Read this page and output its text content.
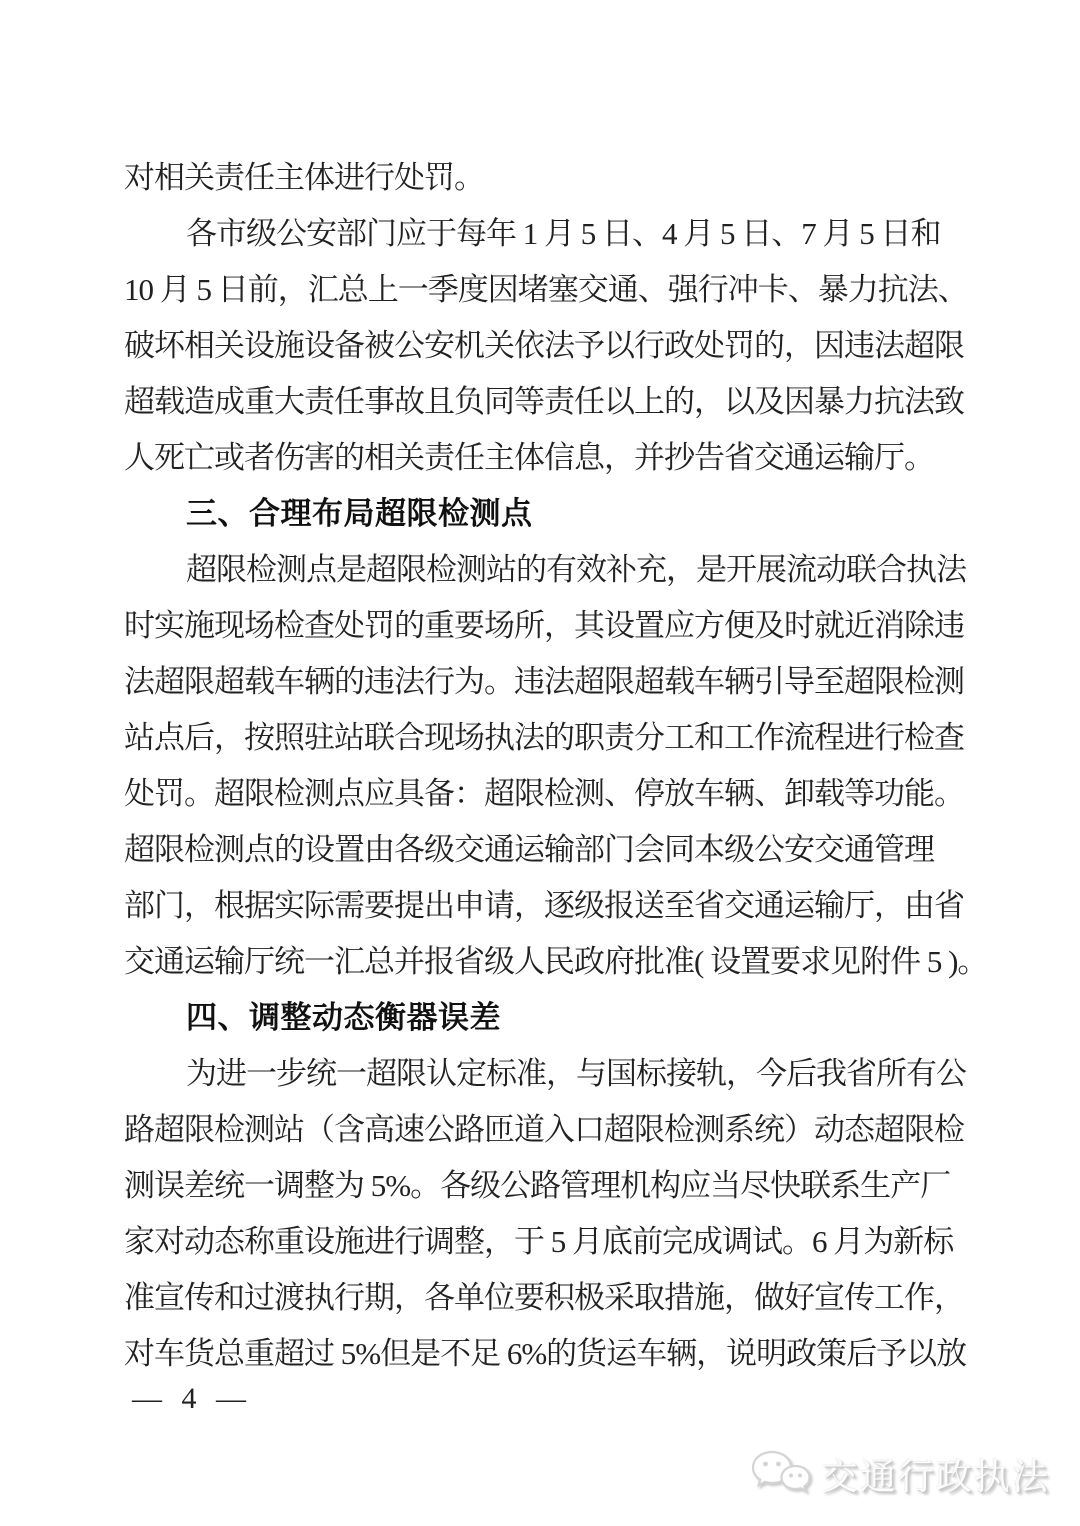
对相关责任主体进行处罚。
各市级公安部门应于每年 1 月 5 日、4 月 5 日、7 月 5 日和
10 月 5 日前，汇总上一季度因堵塞交通、强行冲卡、暴力抗法、
破坏相关设施设备被公安机关依法予以行政处罚的，因违法超限
超载造成重大责任事故且负同等责任以上的，以及因暴力抗法致
人死亡或者伤害的相关责任主体信息，并抄告省交通运输厅。
三、合理布局超限检测点
超限检测点是超限检测站的有效补充，是开展流动联合执法
时实施现场检查处罚的重要场所，其设置应方便及时就近消除违
法超限超载车辆的违法行为。违法超限超载车辆引导至超限检测
站点后，按照驻站联合现场执法的职责分工和工作流程进行检查
处罚。超限检测点应具备：超限检测、停放车辆、卸载等功能。
超限检测点的设置由各级交通运输部门会同本级公安交通管理
部门，根据实际需要提出申请，逐级报送至省交通运输厅，由省
交通运输厅统一汇总并报省级人民政府批准( 设置要求见附件 5 )。
四、调整动态衡器误差
为进一步统一超限认定标准，与国标接轨，今后我省所有公
路超限检测站（含高速公路匝道入口超限检测系统）动态超限检
测误差统一调整为 5%。各级公路管理机构应当尽快联系生产厂
家对动态称重设施进行调整，于 5 月底前完成调试。6 月为新标
准宣传和过渡执行期，各单位要积极采取措施，做好宣传工作，
对车货总重超过 5%但是不足 6%的货运车辆，说明政策后予以放
— 4 —
交通行政执法
